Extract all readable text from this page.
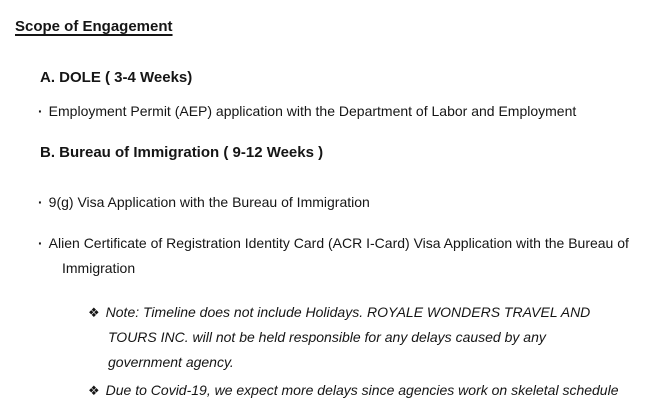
Scope of Engagement
A. DOLE ( 3-4 Weeks)
· Employment Permit (AEP) application with the Department of Labor and Employment
B. Bureau of Immigration ( 9-12 Weeks )
· 9(g) Visa Application with the Bureau of Immigration
· Alien Certificate of Registration Identity Card (ACR I-Card) Visa Application with the Bureau of Immigration
❖ Note: Timeline does not include Holidays. ROYALE WONDERS TRAVEL AND TOURS INC. will not be held responsible for any delays caused by any government agency.
❖ Due to Covid-19, we expect more delays since agencies work on skeletal schedule
